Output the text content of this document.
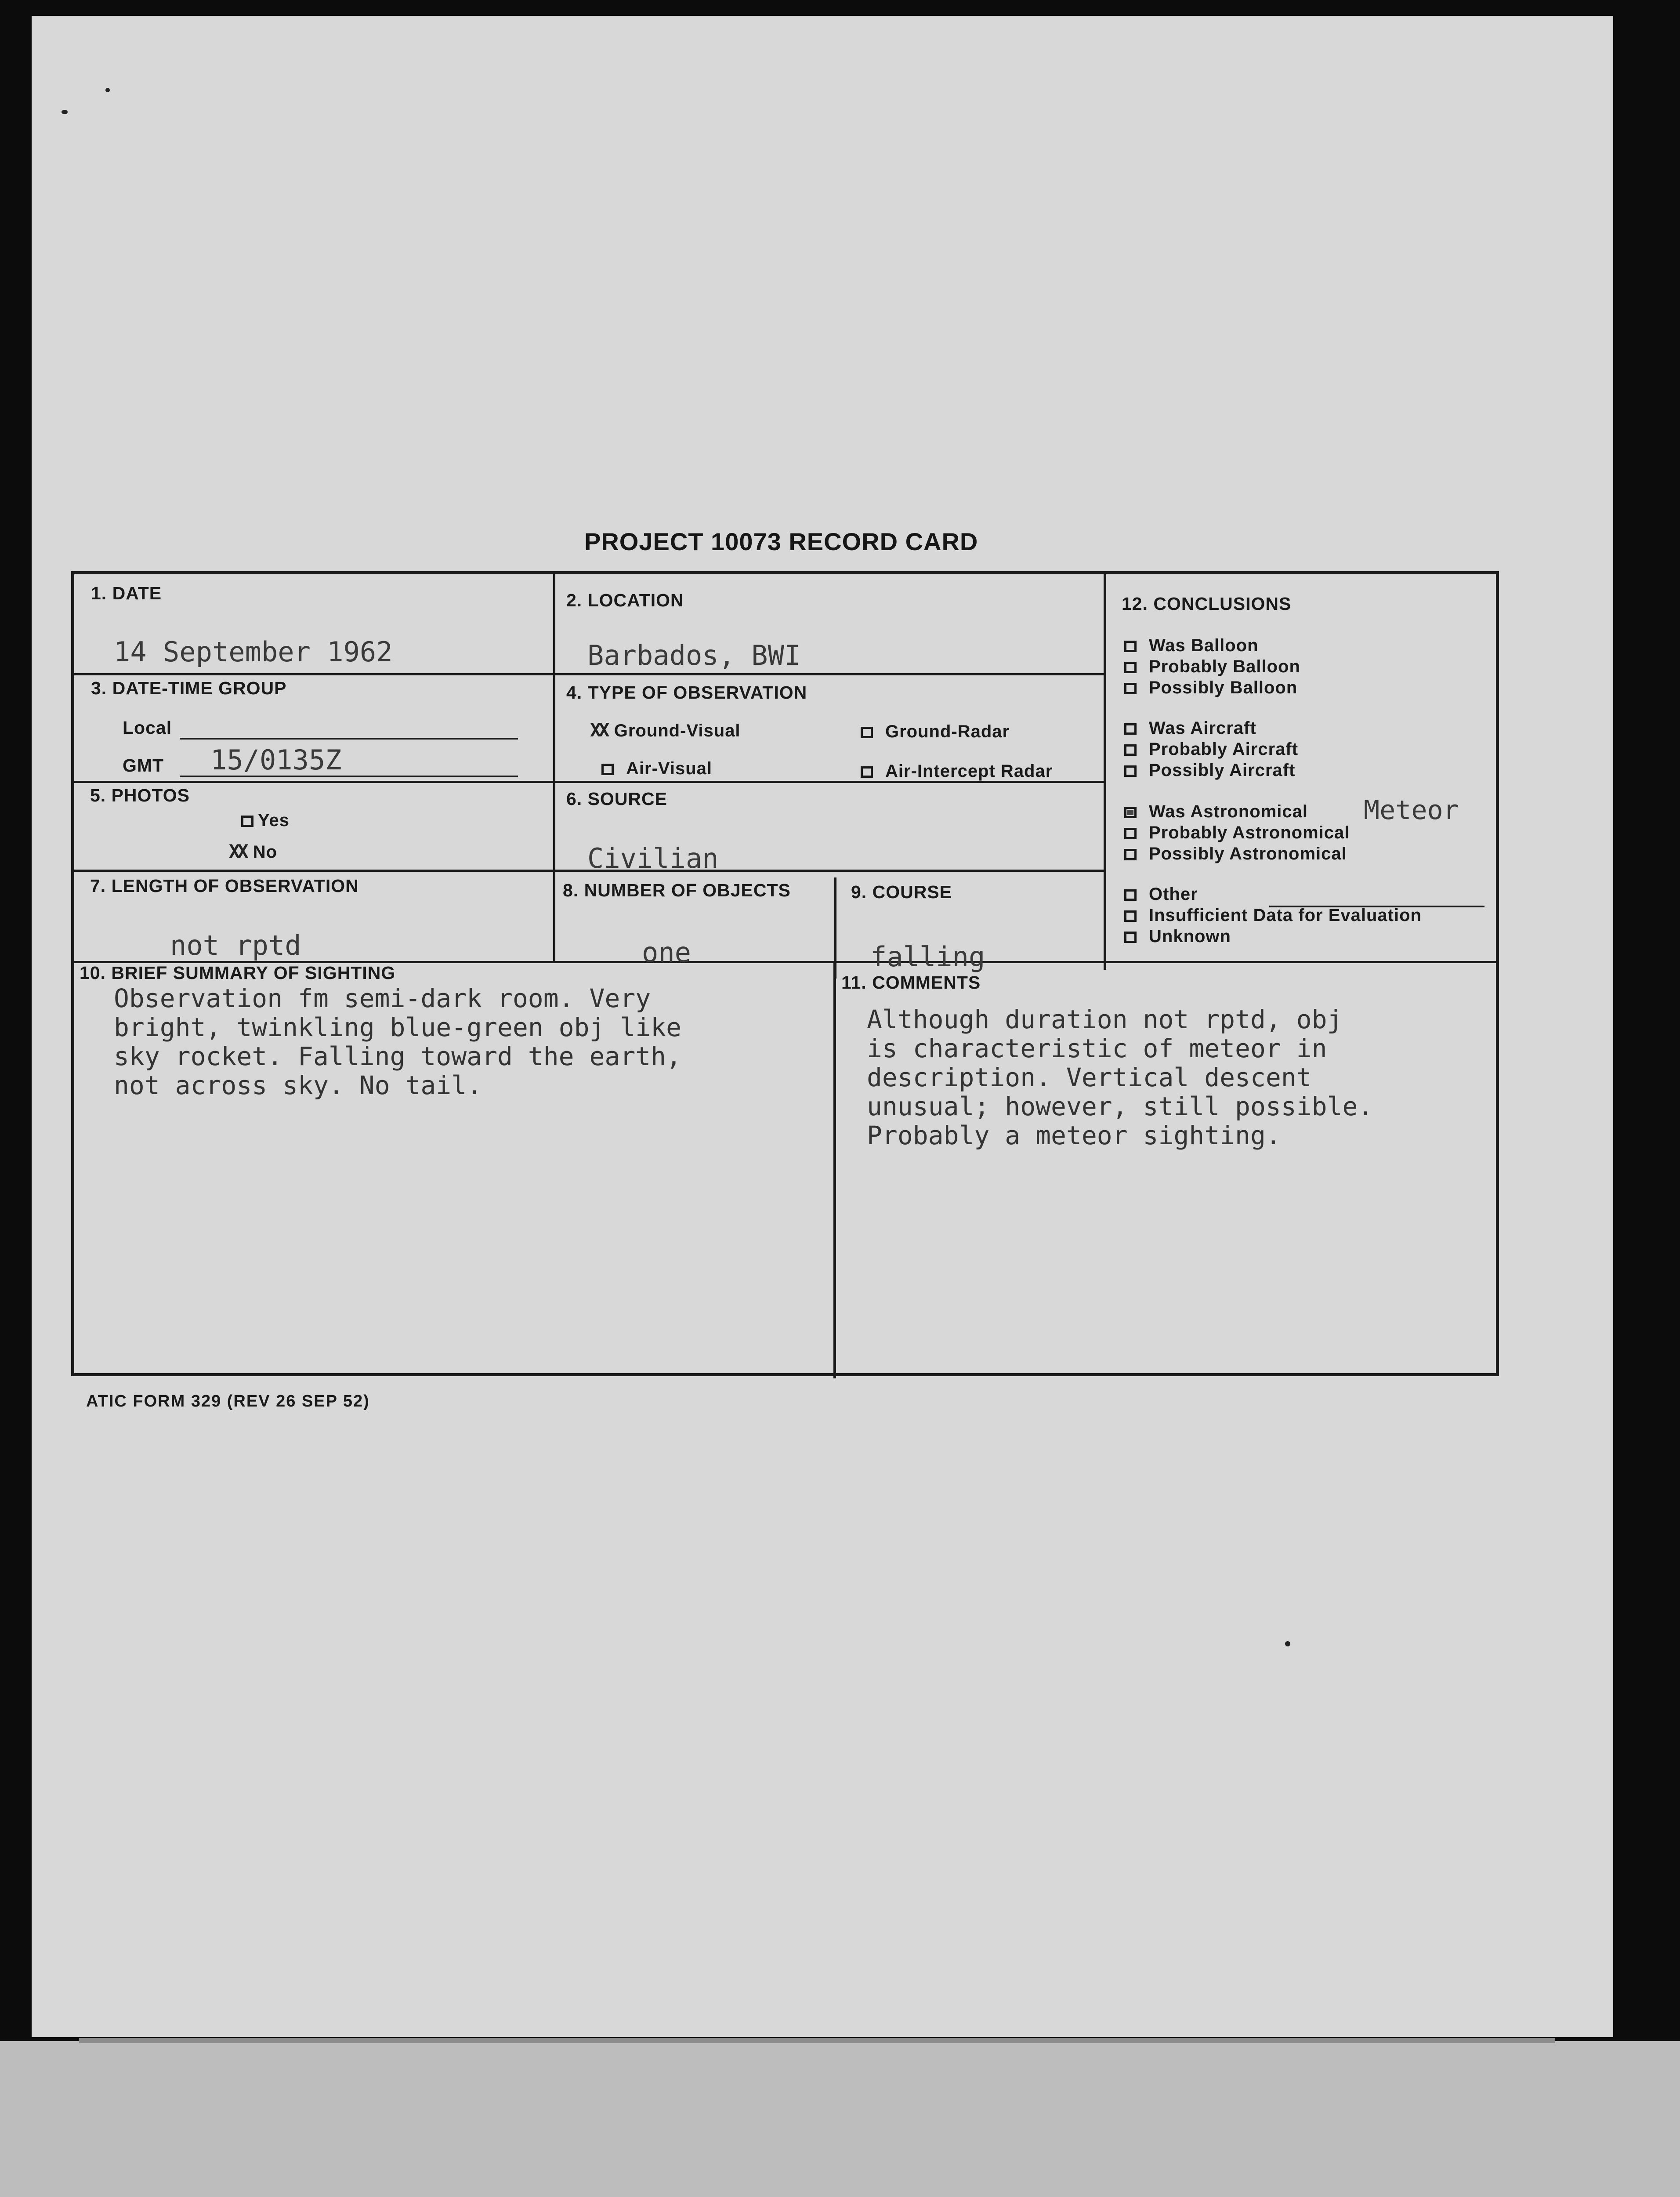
PROJECT 10073 RECORD CARD
1. DATE
14 September 1962
2. LOCATION
Barbados, BWI
3. DATE-TIME GROUP
Local
GMT 15/0135Z
4. TYPE OF OBSERVATION
XX Ground-Visual	Ground-Radar
Air-Visual	Air-Intercept Radar
5. PHOTOS
Yes
XX No
6. SOURCE
Civilian
7. LENGTH OF OBSERVATION
not rptd
8. NUMBER OF OBJECTS
one
9. COURSE
falling
10. BRIEF SUMMARY OF SIGHTING
Observation fm semi-dark room. Very
bright, twinkling blue-green obj like
sky rocket. Falling toward the earth,
not across sky. No tail.
11. COMMENTS
Although duration not rptd, obj
is characteristic of meteor in
description. Vertical descent
unusual; however, still possible.
Probably a meteor sighting.
12. CONCLUSIONS
Was Balloon
Probably Balloon
Possibly Balloon
Was Aircraft
Probably Aircraft
Possibly Aircraft
Was Astronomical Meteor
Probably Astronomical
Possibly Astronomical
Other
Insufficient Data for Evaluation
Unknown
ATIC FORM 329 (REV 26 SEP 52)
